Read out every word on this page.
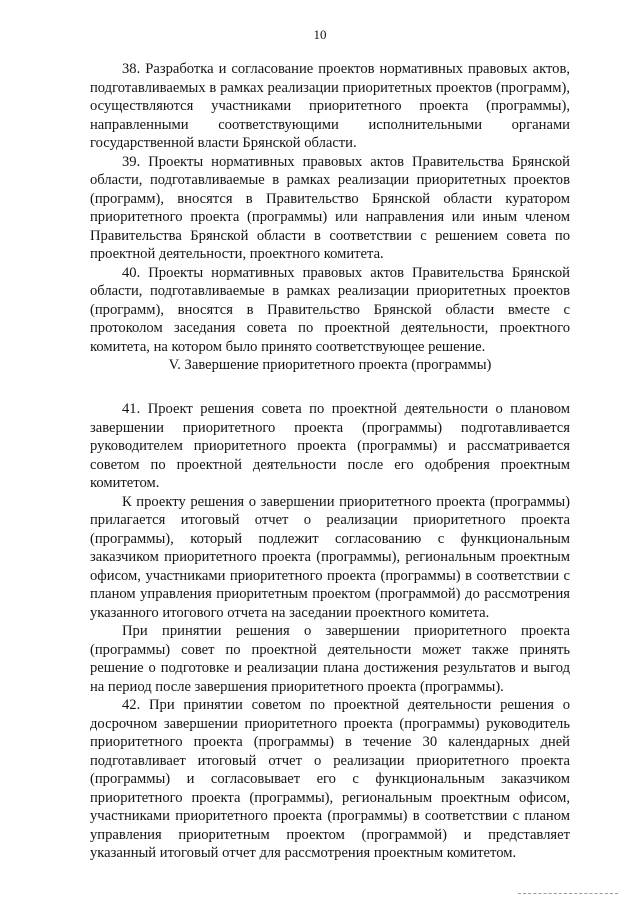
10

38. Разработка и согласование проектов нормативных правовых актов, подготавливаемых в рамках реализации приоритетных проектов (программ), осуществляются участниками приоритетного проекта (программы), направленными соответствующими исполнительными органами государственной власти Брянской области.

39. Проекты нормативных правовых актов Правительства Брянской области, подготавливаемые в рамках реализации приоритетных проектов (программ), вносятся в Правительство Брянской области куратором приоритетного проекта (программы) или направления или иным членом Правительства Брянской области в соответствии с решением совета по проектной деятельности, проектного комитета.

40. Проекты нормативных правовых актов Правительства Брянской области, подготавливаемые в рамках реализации приоритетных проектов (программ), вносятся в Правительство Брянской области вместе с протоколом заседания совета по проектной деятельности, проектного комитета, на котором было принято соответствующее решение.

V. Завершение приоритетного проекта (программы)

41. Проект решения совета по проектной деятельности о плановом завершении приоритетного проекта (программы) подготавливается руководителем приоритетного проекта (программы) и рассматривается советом по проектной деятельности после его одобрения проектным комитетом.

К проекту решения о завершении приоритетного проекта (программы) прилагается итоговый отчет о реализации приоритетного проекта (программы), который подлежит согласованию с функциональным заказчиком приоритетного проекта (программы), региональным проектным офисом, участниками приоритетного проекта (программы) в соответствии с планом управления приоритетным проектом (программой) до рассмотрения указанного итогового отчета на заседании проектного комитета.

При принятии решения о завершении приоритетного проекта (программы) совет по проектной деятельности может также принять решение о подготовке и реализации плана достижения результатов и выгод на период после завершения приоритетного проекта (программы).

42. При принятии советом по проектной деятельности решения о досрочном завершении приоритетного проекта (программы) руководитель приоритетного проекта (программы) в течение 30 календарных дней подготавливает итоговый отчет о реализации приоритетного проекта (программы) и согласовывает его с функциональным заказчиком приоритетного проекта (программы), региональным проектным офисом, участниками приоритетного проекта (программы) в соответствии с планом управления приоритетным проектом (программой) и представляет указанный итоговый отчет для рассмотрения проектным комитетом.
